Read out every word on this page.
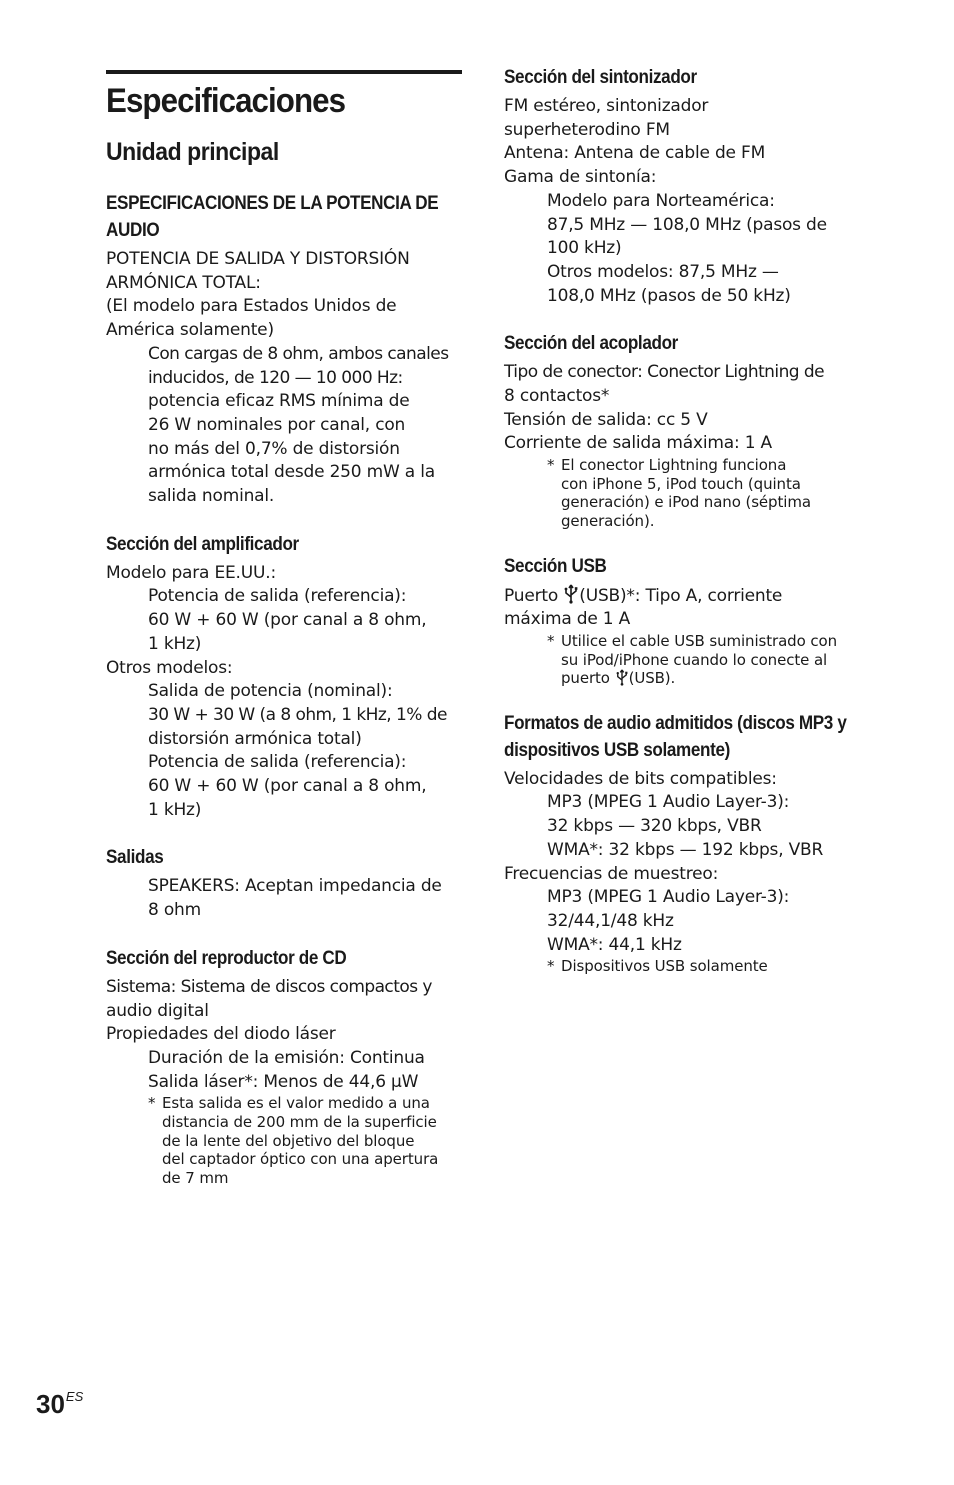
Especificaciones
Unidad principal
ESPECIFICACIONES DE LA POTENCIA DE AUDIO

POTENCIA DE SALIDA Y DISTORSIÓN

ARMÓNICA TOTAL:

(El modelo para Estados Unidos de

América solamente)

Con cargas de 8 ohm, ambos canales

inducidos, de 120 — 10 000 Hz:

potencia eficaz RMS mínima de

26 W nominales por canal, con

no más del 0,7% de distorsión

armónica total desde 250 mW a la

salida nominal.

Sección del amplificador

Modelo para EE.UU.:

Potencia de salida (referencia):

60 W + 60 W (por canal a 8 ohm,

1 kHz)

Otros modelos:

Salida de potencia (nominal):

30 W + 30 W (a 8 ohm, 1 kHz, 1% de

distorsión armónica total)

Potencia de salida (referencia):

60 W + 60 W (por canal a 8 ohm,

1 kHz)

Salidas

SPEAKERS: Aceptan impedancia de

8 ohm

Sección del reproductor de CD

Sistema: Sistema de discos compactos y

audio digital

Propiedades del diodo láser

Duración de la emisión: Continua

Salida láser*: Menos de 44,6 µW

* Esta salida es el valor medido a una
distancia de 200 mm de la superficie
de la lente del objetivo del bloque
del captador óptico con una apertura
de 7 mm
Sección del sintonizador

FM estéreo, sintonizador

superheterodino FM

Antena: Antena de cable de FM

Gama de sintonía:

Modelo para Norteamérica:

87,5 MHz — 108,0 MHz (pasos de

100 kHz)

Otros modelos: 87,5 MHz —

108,0 MHz (pasos de 50 kHz)

Sección del acoplador

Tipo de conector: Conector Lightning de

8 contactos*

Tensión de salida: cc 5 V

Corriente de salida máxima: 1 A

* El conector Lightning funciona
con iPhone 5, iPod touch (quinta
generación) e iPod nano (séptima
generación).
Sección USB

Puerto (USB)*: Tipo A, corriente

máxima de 1 A

* Utilice el cable USB suministrado con
su iPod/iPhone cuando lo conecte al
puerto (USB).
Formatos de audio admitidos (discos MP3 y dispositivos USB solamente)

Velocidades de bits compatibles:

MP3 (MPEG 1 Audio Layer-3):

32 kbps — 320 kbps, VBR

WMA*: 32 kbps — 192 kbps, VBR

Frecuencias de muestreo:

MP3 (MPEG 1 Audio Layer-3):

32/44,1/48 kHz

WMA*: 44,1 kHz

* Dispositivos USB solamente
$30^{ES}$
